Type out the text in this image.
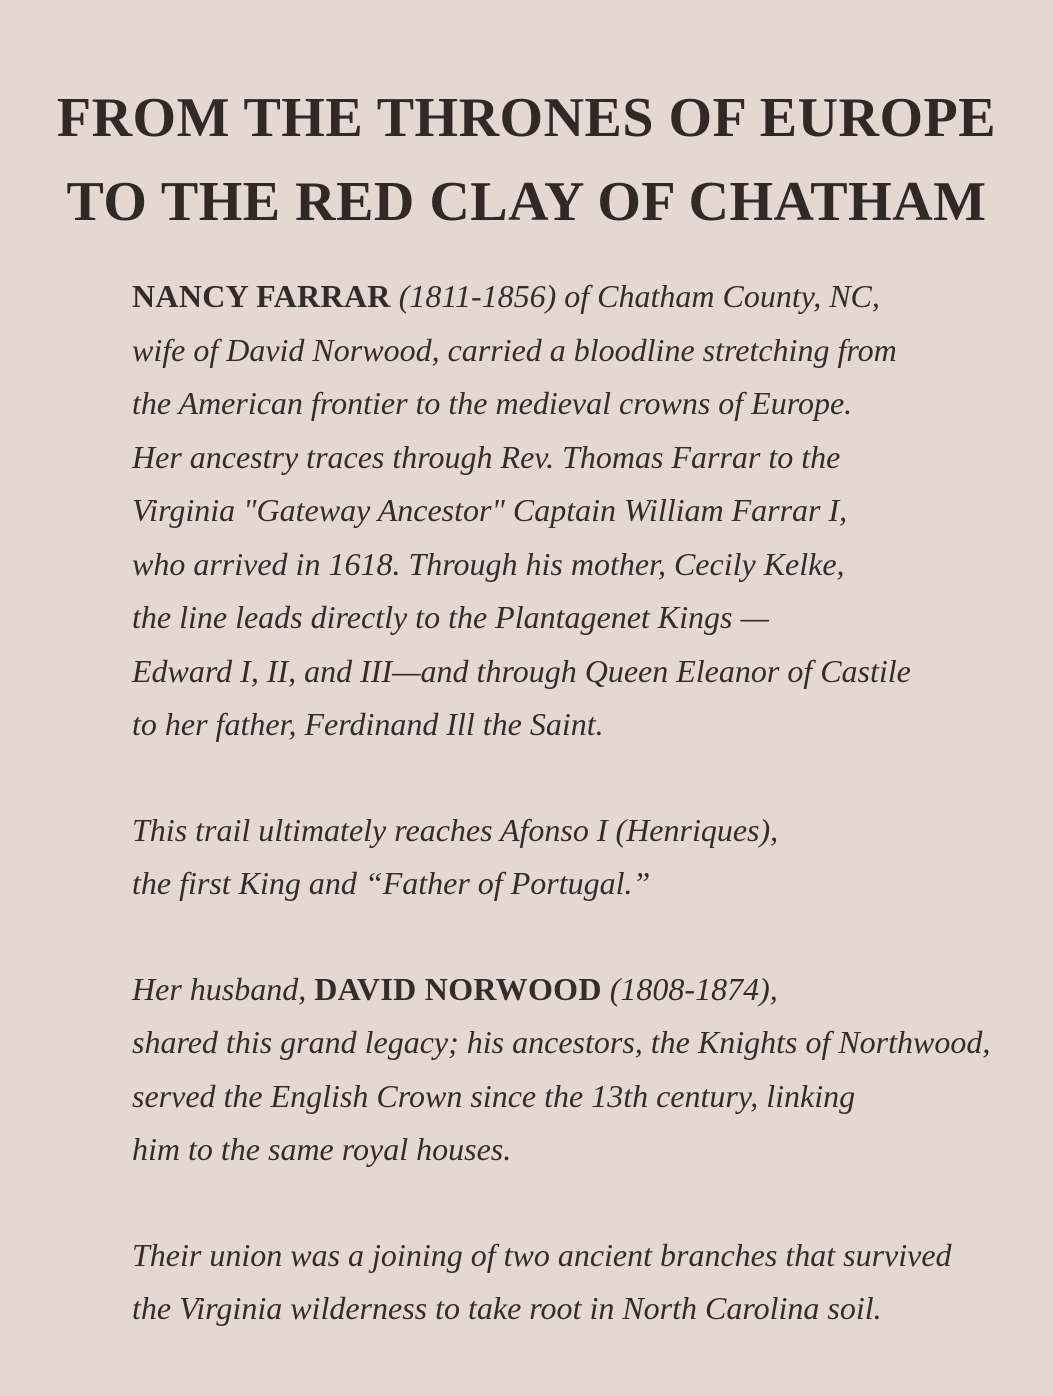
FROM THE THRONES OF EUROPE
TO THE RED CLAY OF CHATHAM

NANCY FARRAR (1811-1856) of Chatham County, NC,
wife of David Norwood, carried a bloodline stretching from
the American frontier to the medieval crowns of Europe.
Her ancestry traces through Rev. Thomas Farrar to the
Virginia "Gateway Ancestor" Captain William Farrar I,
who arrived in 1618. Through his mother, Cecily Kelke,
the line leads directly to the Plantagenet Kings —
Edward I, II, and III—and through Queen Eleanor of Castile
to her father, Ferdinand Ill the Saint.

This trail ultimately reaches Afonso I (Henriques),
the first King and “Father of Portugal.”

Her husband, DAVID NORWOOD (1808-1874),
shared this grand legacy; his ancestors, the Knights of Northwood,
served the English Crown since the 13th century, linking
him to the same royal houses.

Their union was a joining of two ancient branches that survived
the Virginia wilderness to take root in North Carolina soil.
